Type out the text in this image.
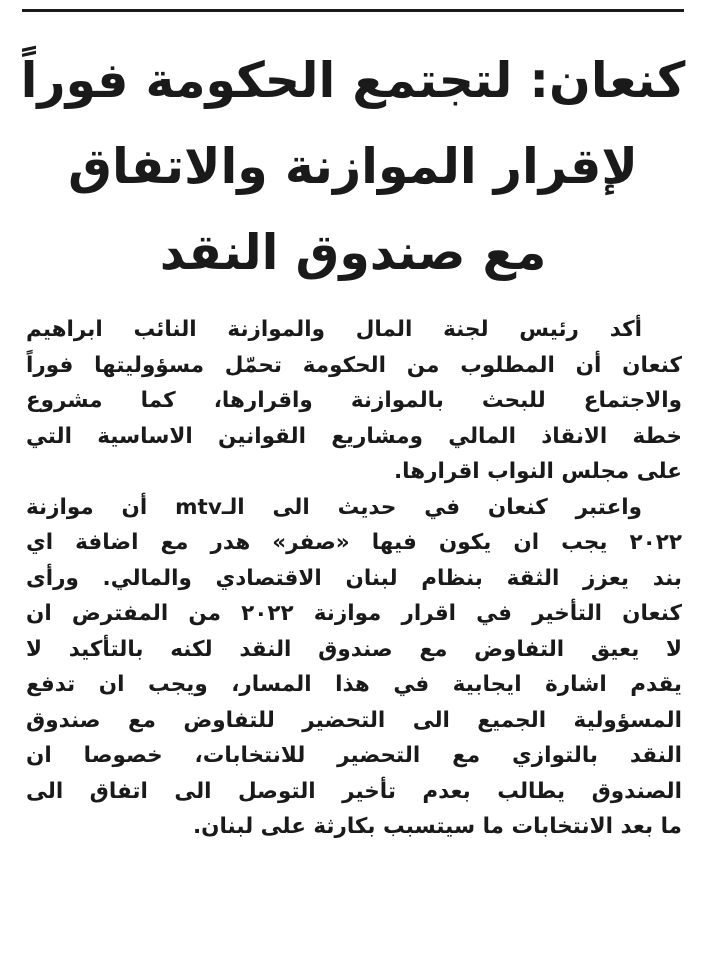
كنعان: لتجتمع الحكومة فوراً
لإقرار الموازنة والاتفاق
مع صندوق النقد

أكد رئيس لجنة المال والموازنة النائب ابراهيم
كنعان أن المطلوب من الحكومة تحمّل مسؤوليتها فوراً
والاجتماع للبحث بالموازنة واقرارها، كما مشروع
خطة الانقاذ المالي ومشاريع القوانين الاساسية التي
على مجلس النواب اقرارها.

واعتبر كنعان في حديث الى الـmtv أن موازنة
٢٠٢٢ يجب ان يكون فيها «صفر» هدر مع اضافة اي
بند يعزز الثقة بنظام لبنان الاقتصادي والمالي. ورأى
كنعان التأخير في اقرار موازنة ٢٠٢٢ من المفترض ان
لا يعيق التفاوض مع صندوق النقد لكنه بالتأكيد لا
يقدم اشارة ايجابية في هذا المسار، ويجب ان تدفع
المسؤولية الجميع الى التحضير للتفاوض مع صندوق
النقد بالتوازي مع التحضير للانتخابات، خصوصا ان
الصندوق يطالب بعدم تأخير التوصل الى اتفاق الى
ما بعد الانتخابات ما سيتسبب بكارثة على لبنان.
